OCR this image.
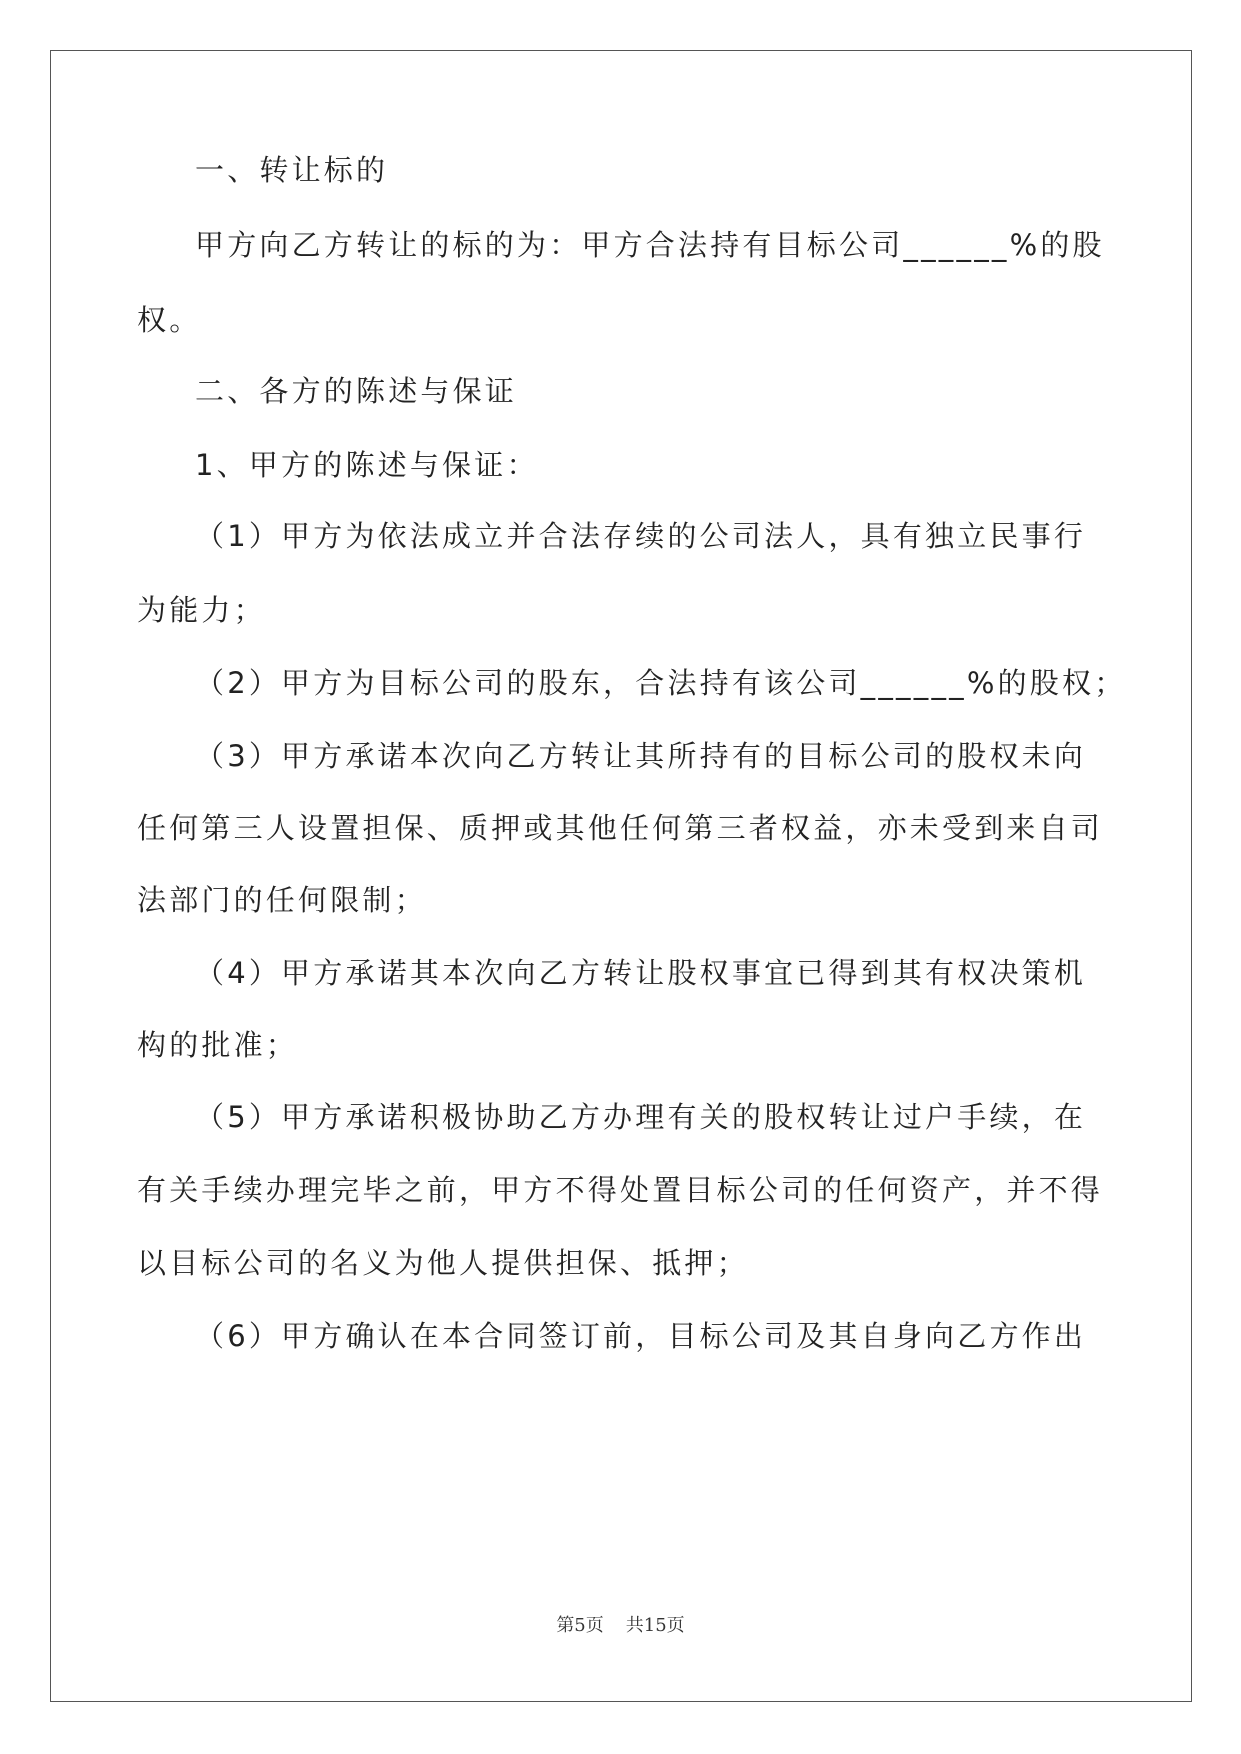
一、转让标的
甲方向乙方转让的标的为：甲方合法持有目标公司______%的股
权。
二、各方的陈述与保证
1、甲方的陈述与保证：
（1）甲方为依法成立并合法存续的公司法人，具有独立民事行
为能力；
（2）甲方为目标公司的股东，合法持有该公司______%的股权；
（3）甲方承诺本次向乙方转让其所持有的目标公司的股权未向
任何第三人设置担保、质押或其他任何第三者权益，亦未受到来自司
法部门的任何限制；
（4）甲方承诺其本次向乙方转让股权事宜已得到其有权决策机
构的批准；
（5）甲方承诺积极协助乙方办理有关的股权转让过户手续，在
有关手续办理完毕之前，甲方不得处置目标公司的任何资产，并不得
以目标公司的名义为他人提供担保、抵押；
（6）甲方确认在本合同签订前，目标公司及其自身向乙方作出
第5页 共15页
